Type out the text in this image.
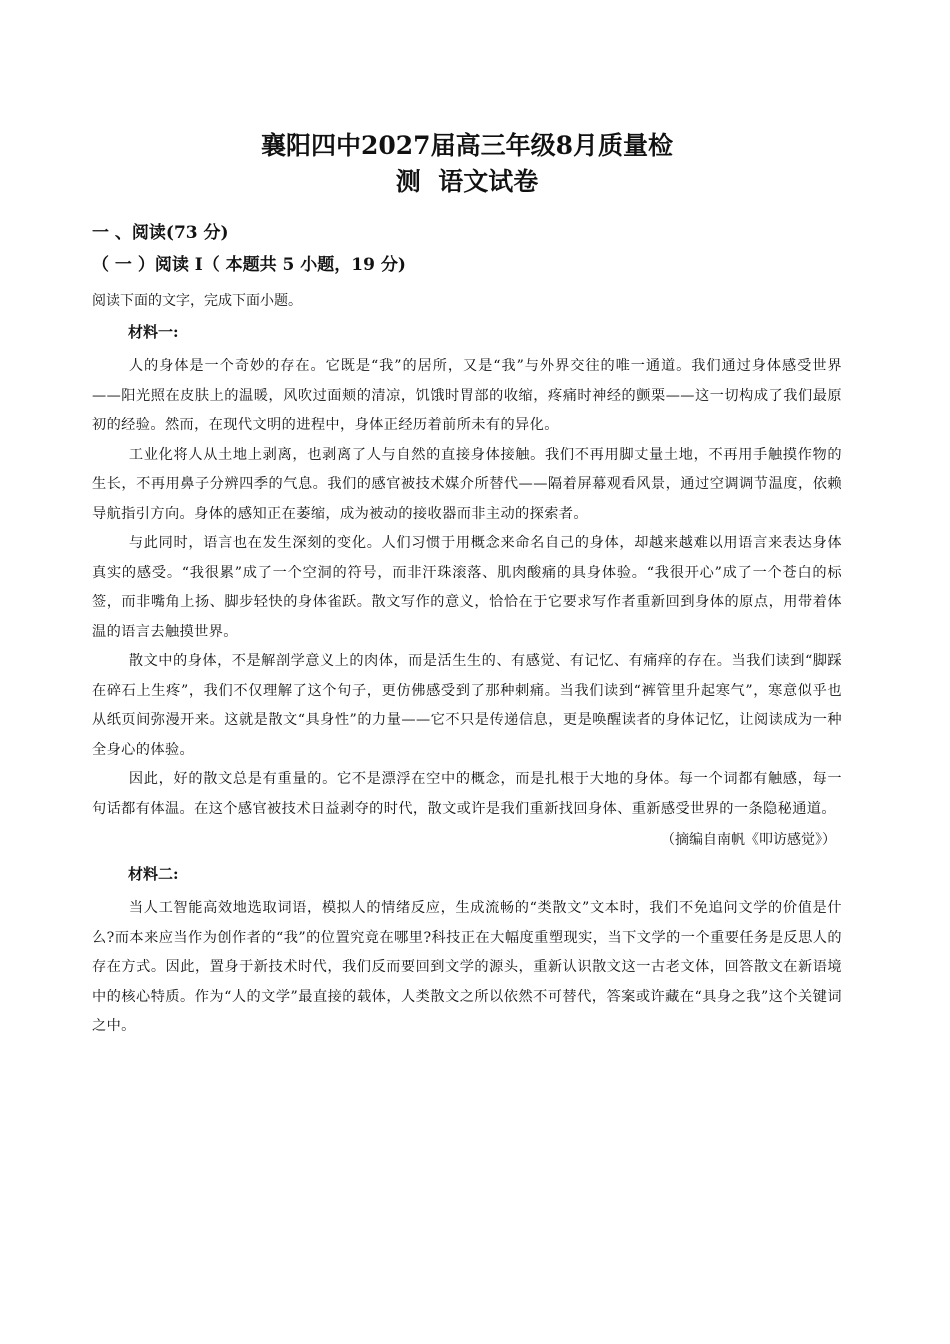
襄阳四中2027届高三年级8月质量检
测  语文试卷
一 、阅读(73 分)
（ 一 ）阅读 I（ 本题共 5 小题，19 分)
阅读下面的文字，完成下面小题。
材料一:

人的身体是一个奇妙的存在。它既是“我”的居所，又是“我”与外界交往的唯一通道。我们通过身体感受世界——阳光照在皮肤上的温暖，风吹过面颊的清凉，饥饿时胃部的收缩，疼痛时神经的颤栗——这一切构成了我们最原初的经验。然而，在现代文明的进程中，身体正经历着前所未有的异化。

工业化将人从土地上剥离，也剥离了人与自然的直接身体接触。我们不再用脚丈量土地，不再用手触摸作物的生长，不再用鼻子分辨四季的气息。我们的感官被技术媒介所替代——隔着屏幕观看风景，通过空调调节温度，依赖导航指引方向。身体的感知正在萎缩，成为被动的接收器而非主动的探索者。

与此同时，语言也在发生深刻的变化。人们习惯于用概念来命名自己的身体，却越来越难以用语言来表达身体真实的感受。“我很累”成了一个空洞的符号，而非汗珠滚落、肌肉酸痛的具身体验。“我很开心”成了一个苍白的标签，而非嘴角上扬、脚步轻快的身体雀跃。散文写作的意义，恰恰在于它要求写作者重新回到身体的原点，用带着体温的语言去触摸世界。

散文中的身体，不是解剖学意义上的肉体，而是活生生的、有感觉、有记忆、有痛痒的存在。当我们读到“脚踩在碎石上生疼”，我们不仅理解了这个句子，更仿佛感受到了那种刺痛。当我们读到“裤管里升起寒气”，寒意似乎也从纸页间弥漫开来。这就是散文“具身性”的力量——它不只是传递信息，更是唤醒读者的身体记忆，让阅读成为一种全身心的体验。

因此，好的散文总是有重量的。它不是漂浮在空中的概念，而是扎根于大地的身体。每一个词都有触感，每一句话都有体温。在这个感官被技术日益剥夺的时代，散文或许是我们重新找回身体、重新感受世界的一条隐秘通道。

（摘编自南帆《叩访感觉》）
材料二:

当人工智能高效地选取词语，模拟人的情绪反应，生成流畅的“类散文”文本时，我们不免追问文学的价值是什么?而本来应当作为创作者的“我”的位置究竟在哪里?科技正在大幅度重塑现实，当下文学的一个重要任务是反思人的存在方式。因此，置身于新技术时代，我们反而要回到文学的源头，重新认识散文这一古老文体，回答散文在新语境中的核心特质。作为“人的文学”最直接的载体，人类散文之所以依然不可替代，答案或许藏在“具身之我”这个关键词之中。
